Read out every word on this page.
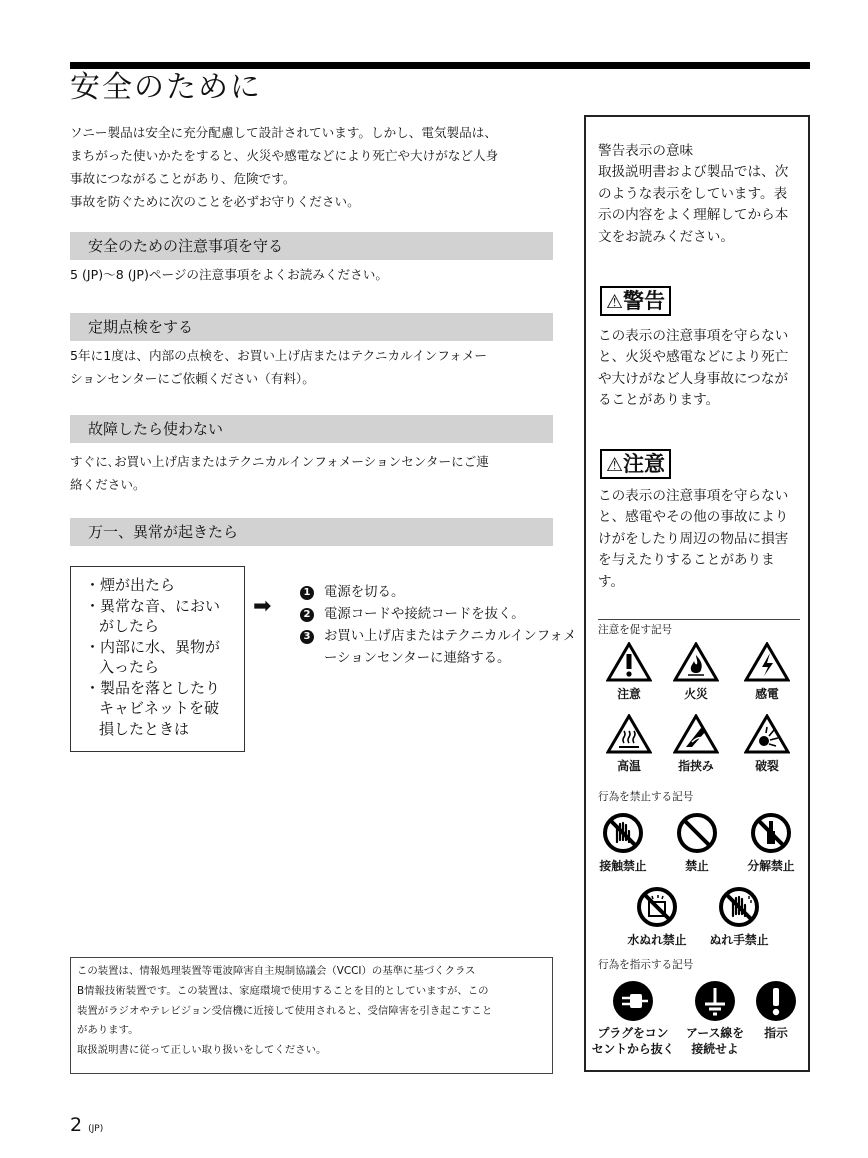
安全のために

ソニー製品は安全に充分配慮して設計されています。しかし、電気製品は、

まちがった使いかたをすると、火災や感電などにより死亡や大けがなど人身

事故につながることがあり、危険です。

事故を防ぐために次のことを必ずお守りください。

安全のための注意事項を守る

5 (JP)～8 (JP)ページの注意事項をよくお読みください。

定期点検をする

5年に1度は、内部の点検を、お買い上げ店またはテクニカルインフォメー

ションセンターにご依頼ください（有料）。

故障したら使わない

すぐに､お買い上げ店またはテクニカルインフォメーションセンターにご連

絡ください。

万一、異常が起きたら
・煙が出たら
・異常な音、におい　がしたら
・内部に水、異物が　入ったら
・製品を落としたり　キャビネットを破　損したときは
➡
1 電源を切る。
2 電源コードや接続コードを抜く。
3 お買い上げ店またはテクニカルインフォメーションセンターに連絡する。

この装置は、情報処理装置等電波障害自主規制協議会（VCCI）の基準に基づくクラス

B情報技術装置です。この装置は、家庭環境で使用することを目的としていますが、この

装置がラジオやテレビジョン受信機に近接して使用されると、受信障害を引き起こすこと

があります。

取扱説明書に従って正しい取り扱いをしてください。

2 (JP)

警告表示の意味

取扱説明書および製品では、次

のような表示をしています。表

示の内容をよく理解してから本

文をお読みください。

⚠警告

この表示の注意事項を守らない

と、火災や感電などにより死亡

や大けがなど人身事故につなが

ることがあります。

⚠注意

この表示の注意事項を守らない

と、感電やその他の事故により

けがをしたり周辺の物品に損害

を与えたりすることがありま

す。

注意を促す記号
注意	火災	感電
高温	指挟み	破裂
行為を禁止する記号
接触禁止	禁止	分解禁止
水ぬれ禁止	ぬれ手禁止
行為を指示する記号
プラグをコン
セントから抜く
アース線を
接続せよ
指示
